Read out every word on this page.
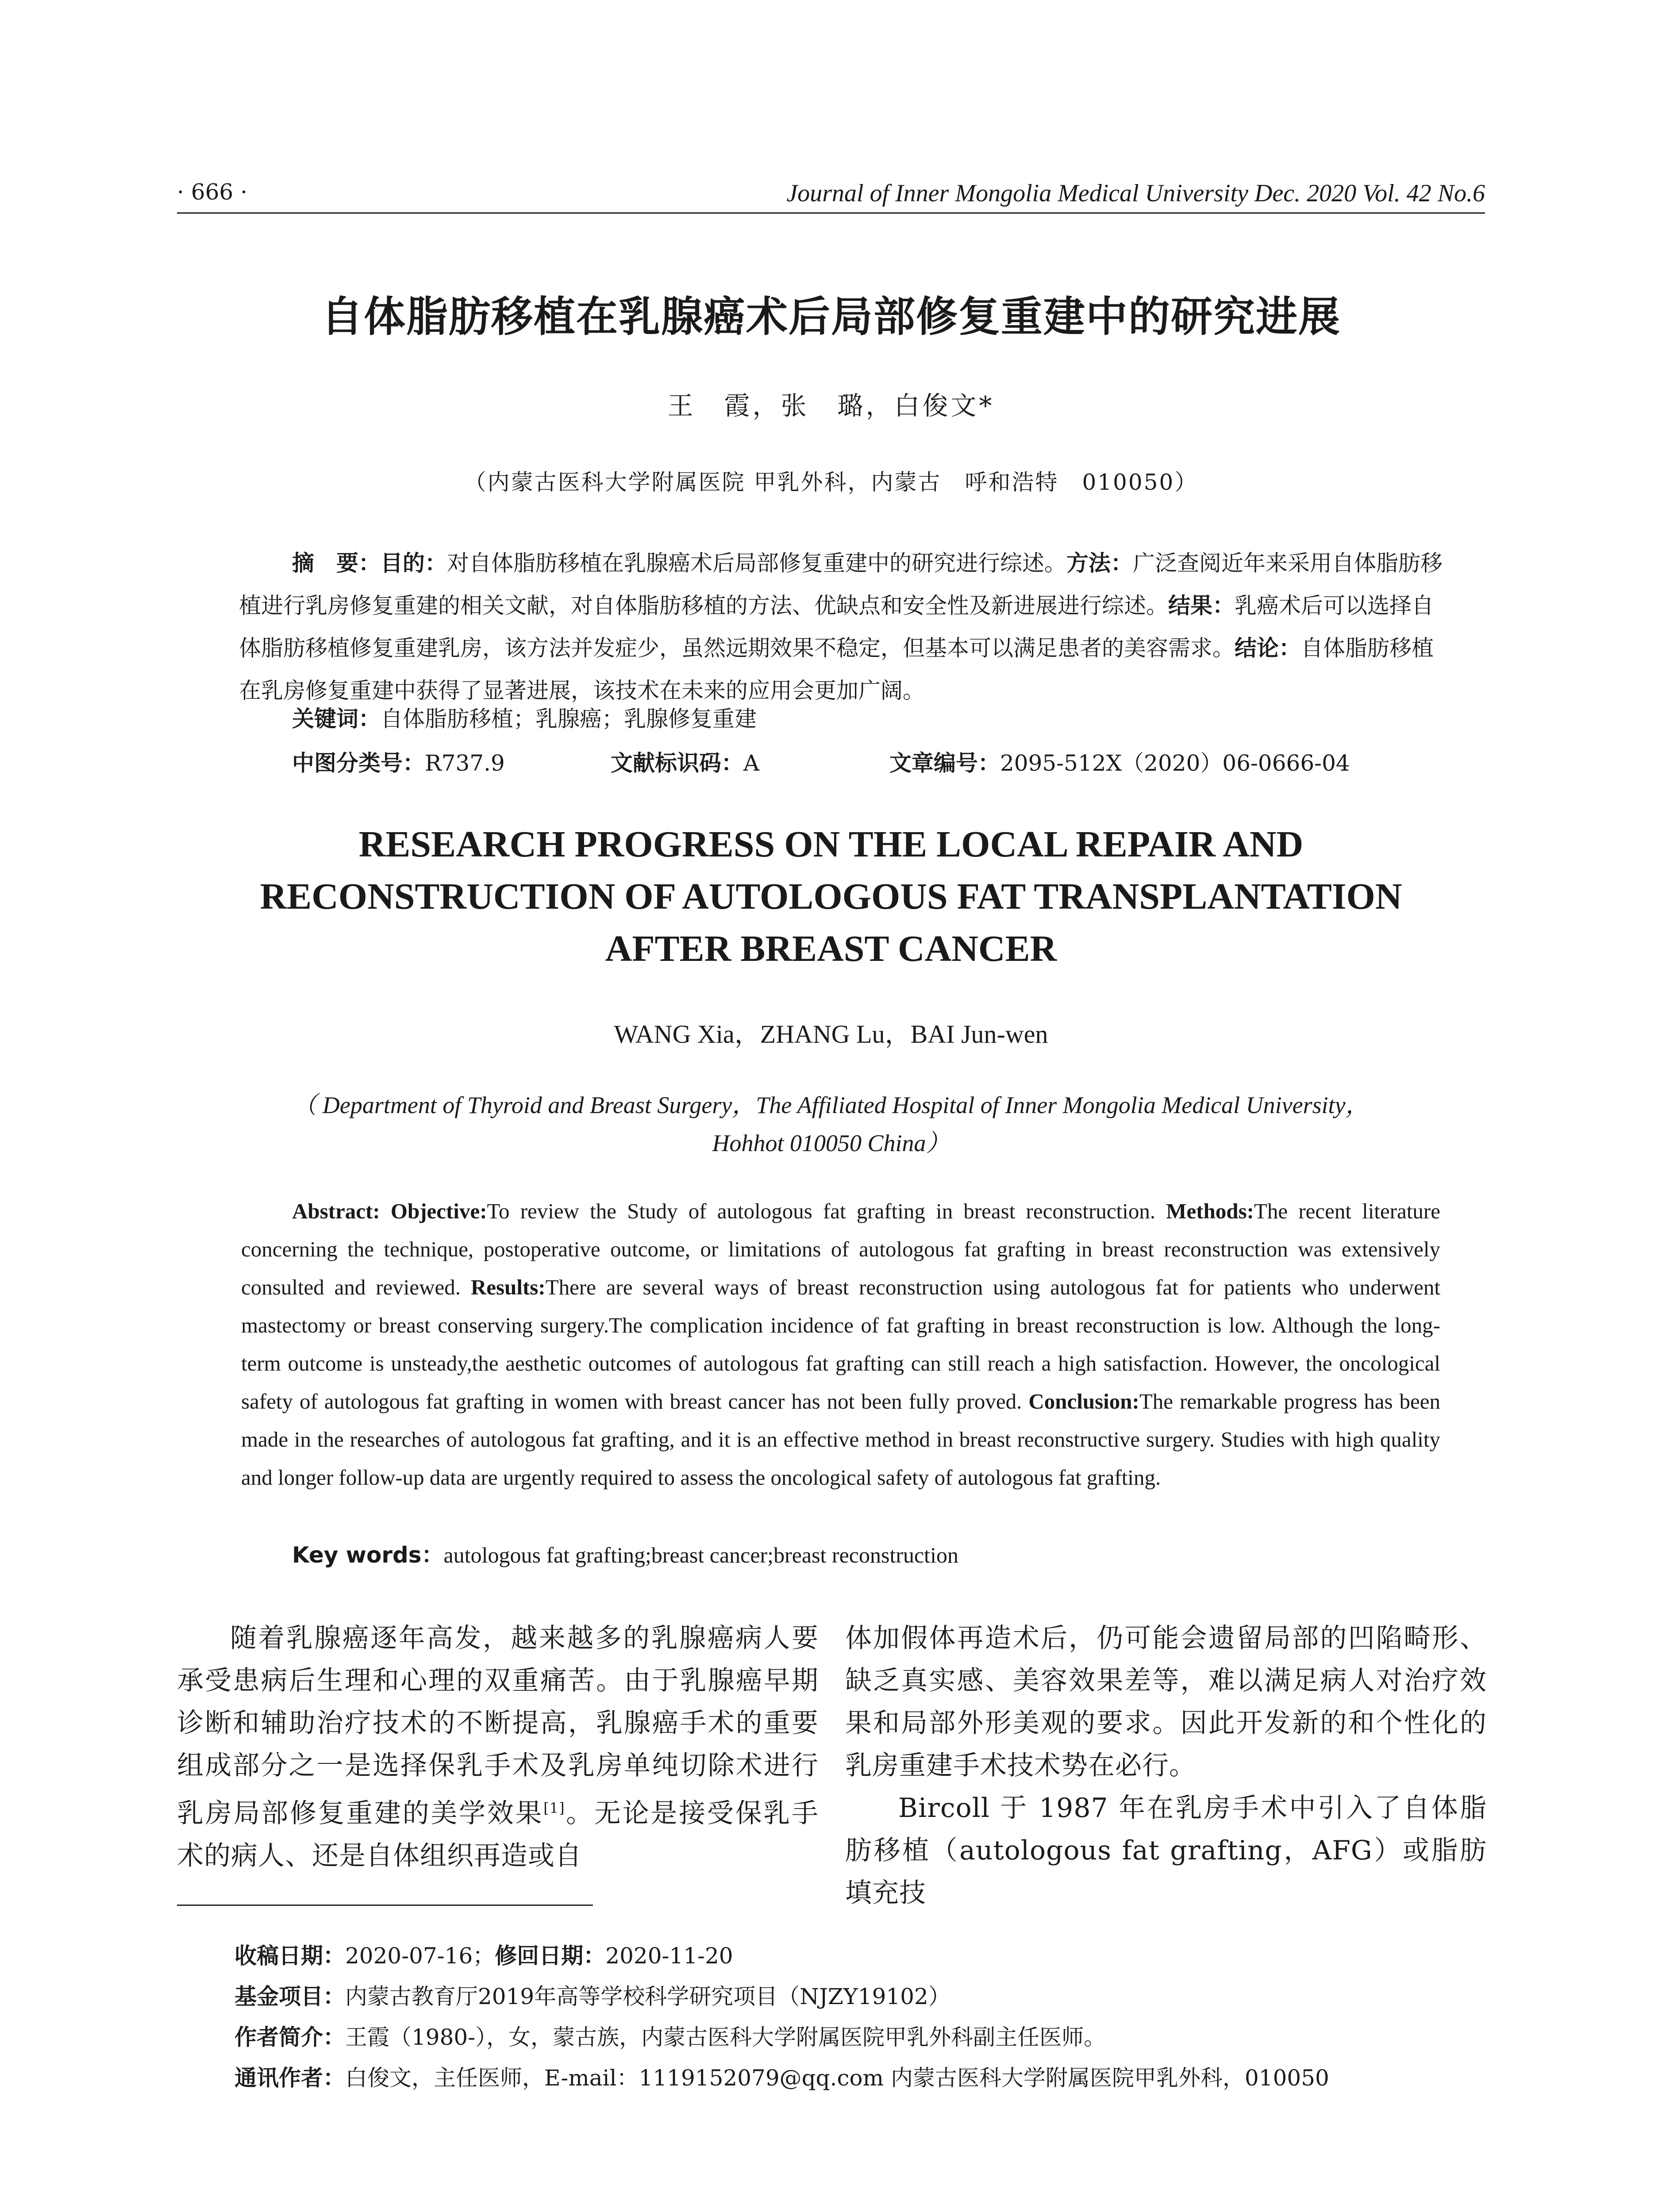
· 666 ·	Journal of Inner Mongolia Medical University Dec. 2020 Vol. 42 No.6
自体脂肪移植在乳腺癌术后局部修复重建中的研究进展
王　霞，张　璐，白俊文*
（内蒙古医科大学附属医院 甲乳外科，内蒙古　呼和浩特　010050）
摘　要：目的：对自体脂肪移植在乳腺癌术后局部修复重建中的研究进行综述。方法：广泛查阅近年来采用自体脂肪移植进行乳房修复重建的相关文献，对自体脂肪移植的方法、优缺点和安全性及新进展进行综述。结果：乳癌术后可以选择自体脂肪移植修复重建乳房，该方法并发症少，虽然远期效果不稳定，但基本可以满足患者的美容需求。结论：自体脂肪移植在乳房修复重建中获得了显著进展，该技术在未来的应用会更加广阔。
关键词：自体脂肪移植；乳腺癌；乳腺修复重建
中图分类号：R737.9	文献标识码：A	文章编号：2095-512X（2020）06-0666-04
RESEARCH PROGRESS ON THE LOCAL REPAIR AND
RECONSTRUCTION OF AUTOLOGOUS FAT TRANSPLANTATION
AFTER BREAST CANCER
WANG Xia，ZHANG Lu，BAI Jun-wen
（ Department of Thyroid and Breast Surgery，The Affiliated Hospital of Inner Mongolia Medical University，
Hohhot 010050 China）
Abstract: Objective:To review the Study of autologous fat grafting in breast reconstruction. Methods:The recent literature concerning the technique, postoperative outcome, or limitations of autologous fat grafting in breast reconstruction was extensively consulted and reviewed. Results:There are several ways of breast reconstruction using autologous fat for patients who underwent mastectomy or breast conserving surgery.The complication incidence of fat grafting in breast reconstruction is low. Although the long-term outcome is unsteady,the aesthetic outcomes of autologous fat grafting can still reach a high satisfaction. However, the oncological safety of autologous fat grafting in women with breast cancer has not been fully proved. Conclusion:The remarkable progress has been made in the researches of autologous fat grafting, and it is an effective method in breast reconstructive surgery. Studies with high quality and longer follow-up data are urgently required to assess the oncological safety of autologous fat grafting.
Key words：autologous fat grafting;breast cancer;breast reconstruction
随着乳腺癌逐年高发，越来越多的乳腺癌病人要承受患病后生理和心理的双重痛苦。由于乳腺癌早期诊断和辅助治疗技术的不断提高，乳腺癌手术的重要组成部分之一是选择保乳手术及乳房单纯切除术进行乳房局部修复重建的美学效果[1]。无论是接受保乳手术的病人、还是自体组织再造或自
体加假体再造术后，仍可能会遗留局部的凹陷畸形、缺乏真实感、美容效果差等，难以满足病人对治疗效果和局部外形美观的要求。因此开发新的和个性化的乳房重建手术技术势在必行。
Bircoll 于 1987 年在乳房手术中引入了自体脂肪移植（autologous fat grafting，AFG）或脂肪填充技
收稿日期：2020-07-16；修回日期：2020-11-20
基金项目：内蒙古教育厅2019年高等学校科学研究项目（NJZY19102）
作者简介：王霞（1980-），女，蒙古族，内蒙古医科大学附属医院甲乳外科副主任医师。
通讯作者：白俊文，主任医师，E-mail：1119152079@qq.com 内蒙古医科大学附属医院甲乳外科，010050
